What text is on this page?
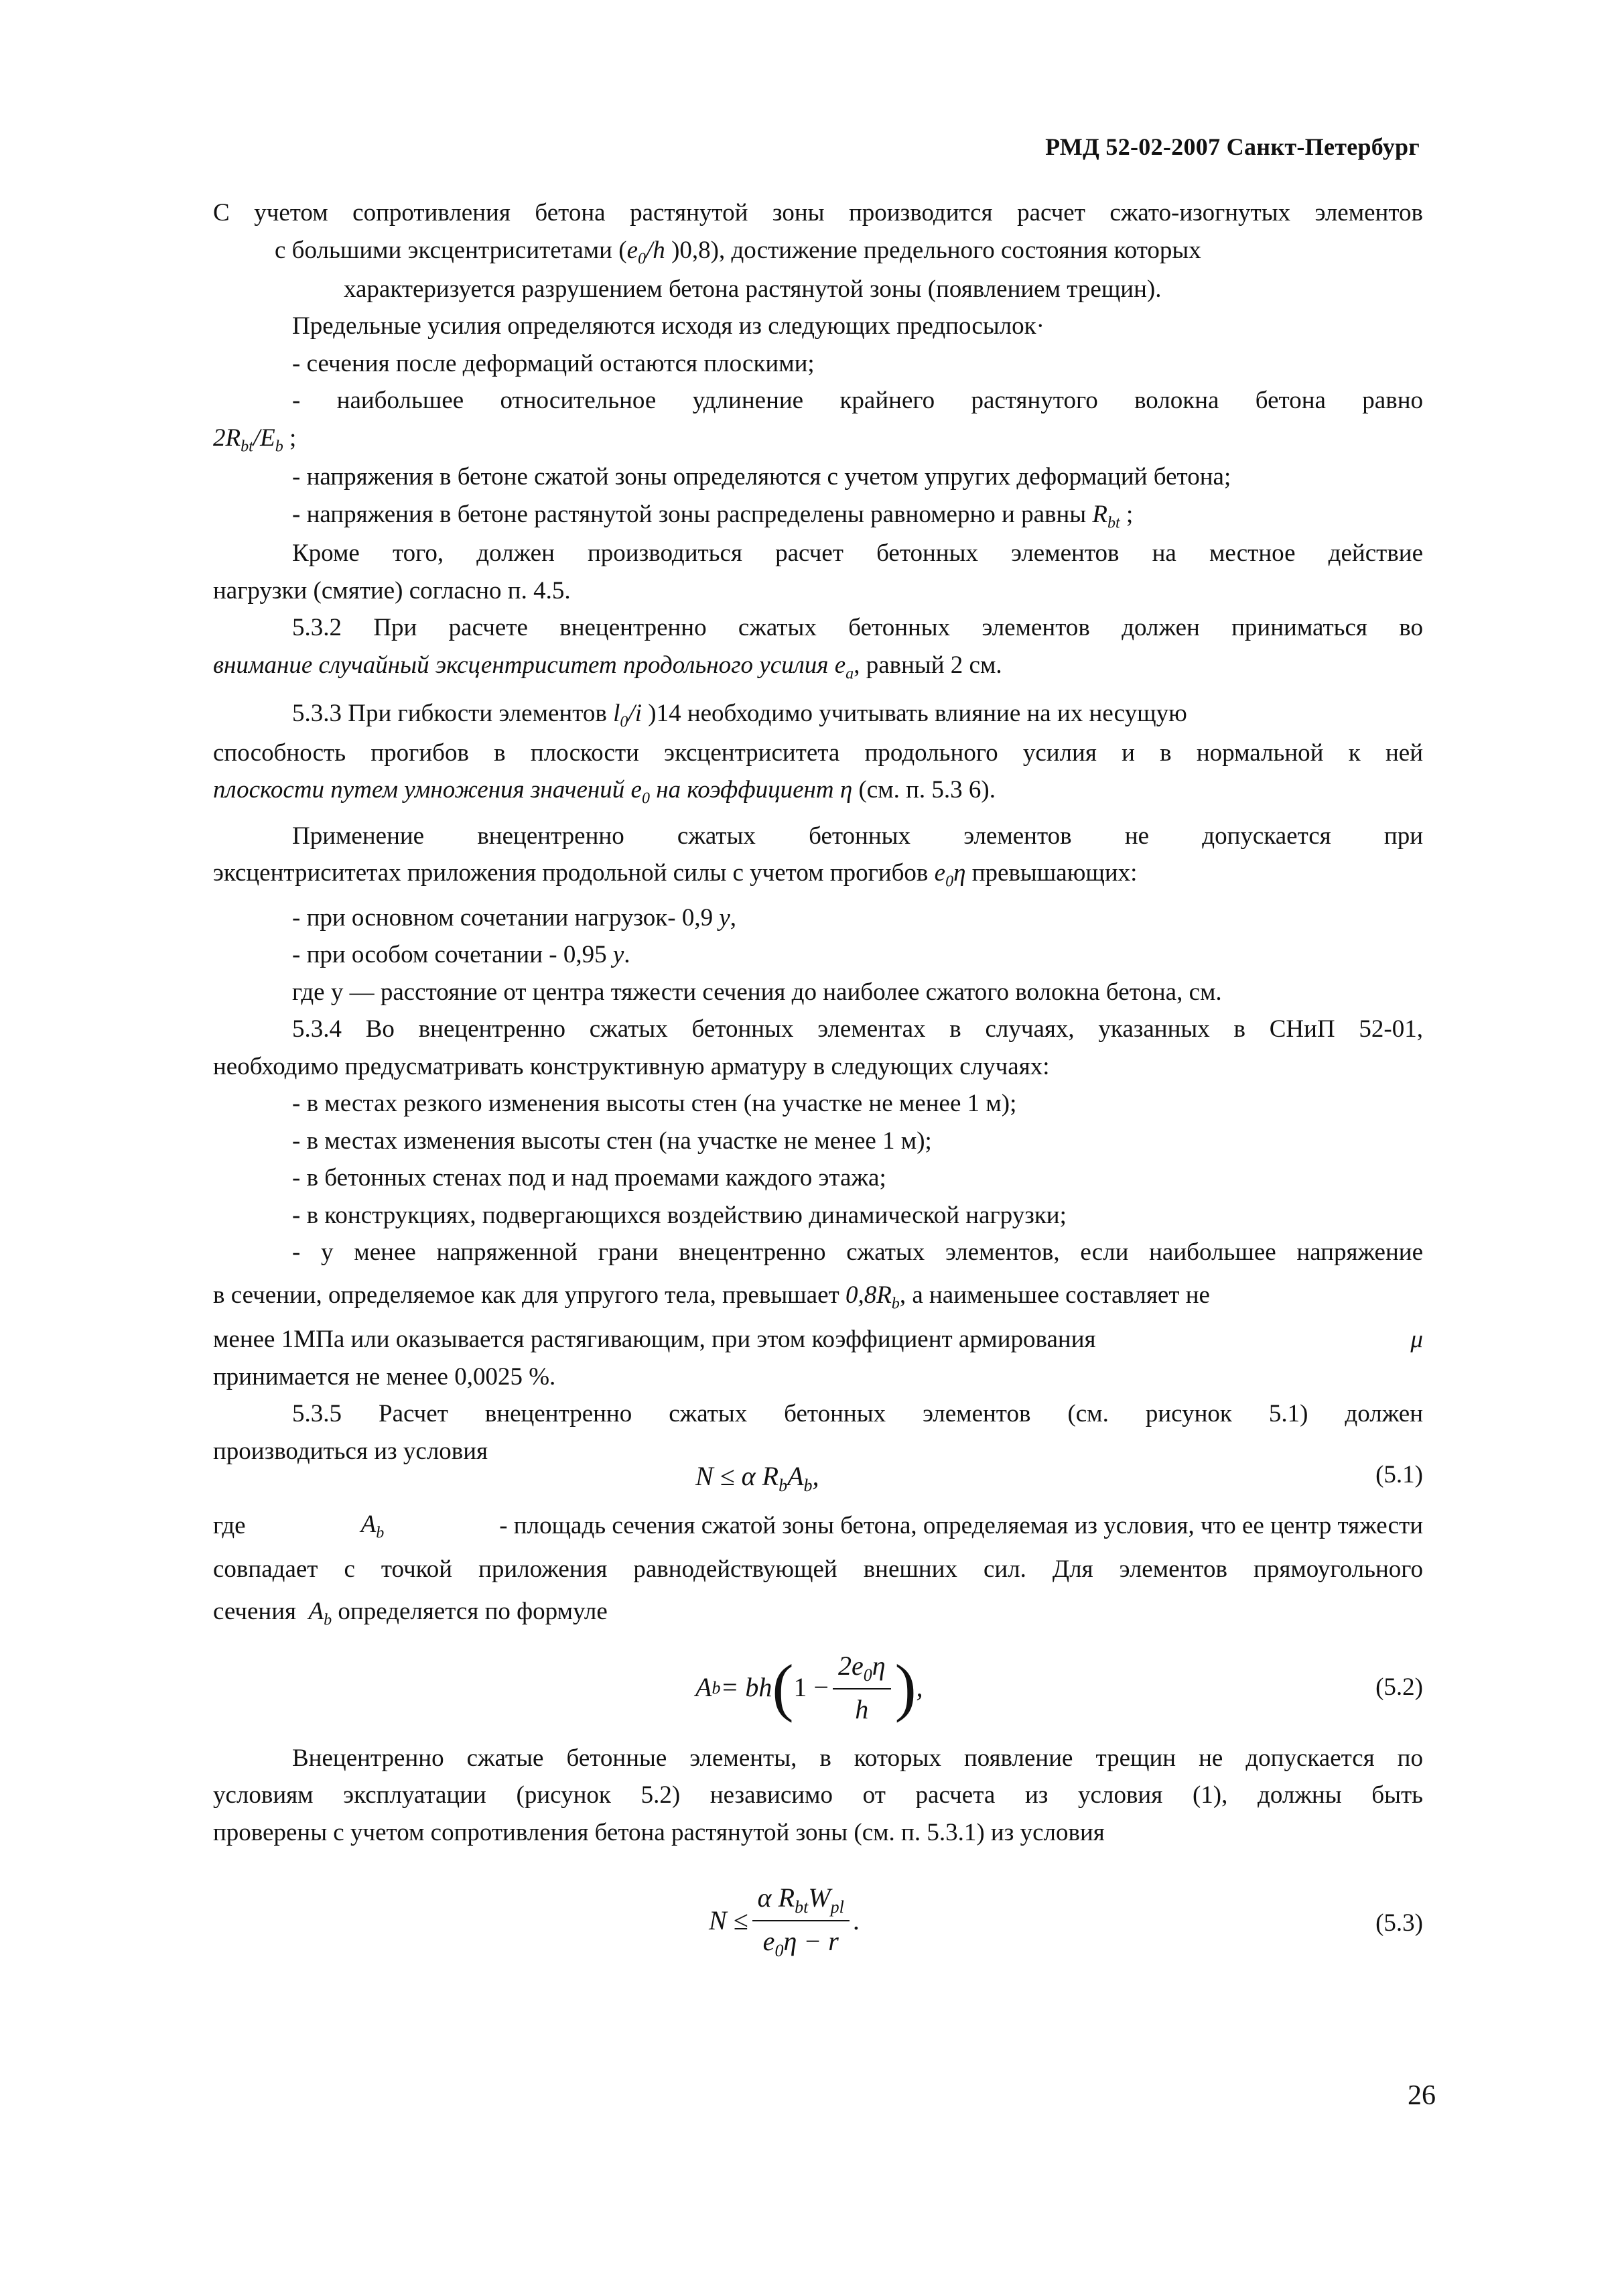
РМД 52-02-2007 Санкт-Петербург

С учетом сопротивления бетона растянутой зоны производится расчет сжато-изогнутых элементов

с большими эксцентриситетами ($e_0/h$ )0,8), достижение предельного состояния которых

характеризуется разрушением бетона растянутой зоны (появлением трещин).

Предельные усилия определяются исходя из следующих предпосылок·

- сечения после деформаций остаются плоскими;

- наибольшее относительное удлинение крайнего растянутого волокна бетона равно

$2R_{bt}/E_b$ ;

- напряжения в бетоне сжатой зоны определяются с учетом упругих деформаций бетона;

- напряжения в бетоне растянутой зоны распределены равномерно и равны $R_{bt}$ ;

Кроме того, должен производиться расчет бетонных элементов на местное действие

нагрузки (смятие) согласно п. 4.5.

5.3.2 При расчете внецентренно сжатых бетонных элементов должен приниматься во

внимание случайный эксцентриситет продольного усилия $e_a$, равный 2 см.

5.3.3 При гибкости элементов $l_0/i$ )14 необходимо учитывать влияние на их несущую

способность прогибов в плоскости эксцентриситета продольного усилия и в нормальной к ней

плоскости путем умножения значений $e_0$ на коэффициент η (см. п. 5.3 6).

Применение внецентренно сжатых бетонных элементов не допускается при

эксцентриситетах приложения продольной силы с учетом прогибов $e_0\eta$ превышающих:

- при основном сочетании нагрузок- 0,9 y,

- при особом сочетании - 0,95 y.

где y — расстояние от центра тяжести сечения до наиболее сжатого волокна бетона, см.

5.3.4 Во внецентренно сжатых бетонных элементах в случаях, указанных в СНиП 52-01,

необходимо предусматривать конструктивную арматуру в следующих случаях:

- в местах резкого изменения высоты стен (на участке не менее 1 м);

- в местах изменения высоты стен (на участке не менее 1 м);

- в бетонных стенах под и над проемами каждого этажа;

- в конструкциях, подвергающихся воздействию динамической нагрузки;

- у менее напряженной грани внецентренно сжатых элементов, если наибольшее напряжение

в сечении, определяемое как для упругого тела, превышает $0,8R_b$, а наименьшее составляет не

менее 1МПа или оказывается растягивающим, при этом коэффициент армирования	μ

принимается не менее 0,0025 %.

5.3.5 Расчет внецентренно сжатых бетонных элементов (см. рисунок 5.1) должен

производиться из условия

N ≤ α $R_bA_b$,	(5.1)

где	$A_b$	- площадь сечения сжатой зоны бетона, определяемая из условия, что ее центр тяжести

совпадает с точкой приложения равнодействующей внешних сил. Для элементов прямоугольного

сечения $A_b$ определяется по формуле

A b = bh ( $1 - \frac{2e_0\eta}{h}$ ) ,	(5.2)

Внецентренно сжатые бетонные элементы, в которых появление трещин не допускается по

условиям эксплуатации (рисунок 5.2) независимо от расчета из условия (1), должны быть

проверены с учетом сопротивления бетона растянутой зоны (см. п. 5.3.1) из условия

$N \le \frac{\alpha R_{bt}W_{pl}}{e_0\eta - r}$ .	(5.3)
26
